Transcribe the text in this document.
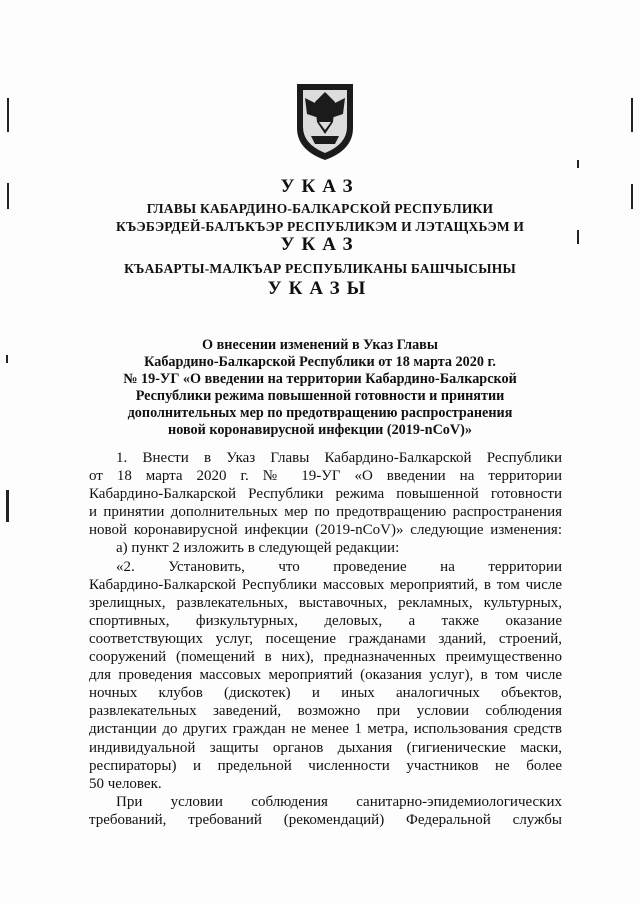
УКАЗ
ГЛАВЫ КАБАРДИНО-БАЛКАРСКОЙ РЕСПУБЛИКИ
КЪЭБЭРДЕЙ-БАЛЪКЪЭР РЕСПУБЛИКЭМ И ЛЭТАЩХЬЭМ И
УКАЗ
КЪАБАРТЫ-МАЛКЪАР РЕСПУБЛИКАНЫ БАШЧЫСЫНЫ
УКАЗЫ
О внесении изменений в Указ Главы
Кабардино-Балкарской Республики от 18 марта 2020 г.
№ 19-УГ «О введении на территории Кабардино-Балкарской
Республики режима повышенной готовности и принятии
дополнительных мер по предотвращению распространения
новой коронавирусной инфекции (2019-nCoV)»

1. Внести в Указ Главы Кабардино-Балкарской Республики

от 18 марта 2020 г. № 19-УГ «О введении на территории

Кабардино-Балкарской Республики режима повышенной готовности

и принятии дополнительных мер по предотвращению распространения

новой коронавирусной инфекции (2019-nCoV)» следующие изменения:

а) пункт 2 изложить в следующей редакции:

«2. Установить, что проведение на территории

Кабардино-Балкарской Республики массовых мероприятий, в том числе

зрелищных, развлекательных, выставочных, рекламных, культурных,

спортивных, физкультурных, деловых, а также оказание

соответствующих услуг, посещение гражданами зданий, строений,

сооружений (помещений в них), предназначенных преимущественно

для проведения массовых мероприятий (оказания услуг), в том числе

ночных клубов (дискотек) и иных аналогичных объектов,

развлекательных заведений, возможно при условии соблюдения

дистанции до других граждан не менее 1 метра, использования средств

индивидуальной защиты органов дыхания (гигиенические маски,

респираторы) и предельной численности участников не более

50 человек.

При условии соблюдения санитарно-эпидемиологических

требований, требований (рекомендаций) Федеральной службы
